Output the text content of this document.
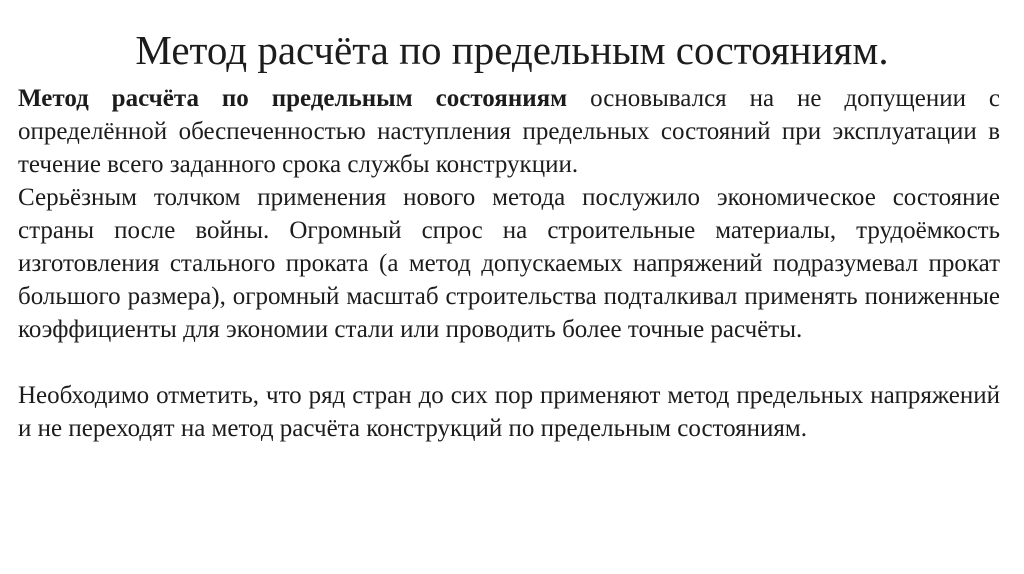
Метод расчёта по предельным состояниям.

Метод расчёта по предельным состояниям основывался на не допущении с определённой обеспеченностью наступления предельных состояний при эксплуатации в течение всего заданного срока службы конструкции.

Серьёзным толчком применения нового метода послужило экономическое состояние страны после войны. Огромный спрос на строительные материалы, трудоёмкость изготовления стального проката (а метод допускаемых напряжений подразумевал прокат большого размера), огромный масштаб строительства подталкивал применять пониженные коэффициенты для экономии стали или проводить более точные расчёты.

Необходимо отметить, что ряд стран до сих пор применяют метод предельных напряжений и не переходят на метод расчёта конструкций по предельным состояниям.
